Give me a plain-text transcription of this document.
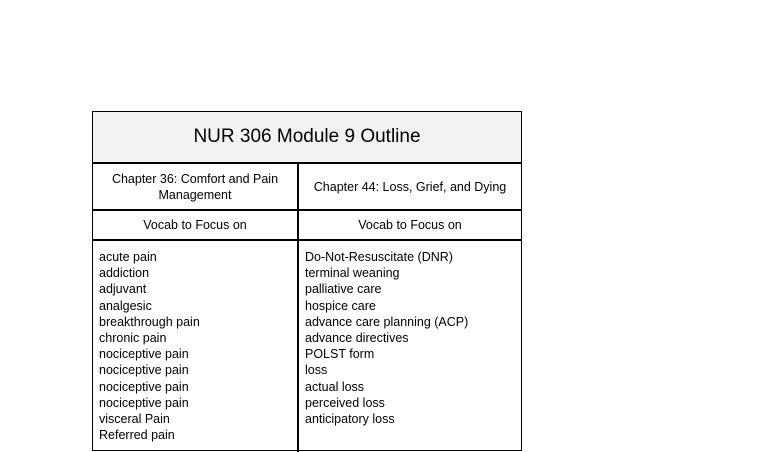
NUR 306 Module 9 Outline
Chapter 36: Comfort and Pain Management
Chapter 44: Loss, Grief, and Dying
Vocab to Focus on	Vocab to Focus on
acute pain
addiction
adjuvant
analgesic
breakthrough pain
chronic pain
nociceptive pain
nociceptive pain
nociceptive pain
nociceptive pain
visceral Pain
Referred pain
Do-Not-Resuscitate (DNR)
terminal weaning
palliative care
hospice care
advance care planning (ACP)
advance directives
POLST form
loss
actual loss
perceived loss
anticipatory loss
